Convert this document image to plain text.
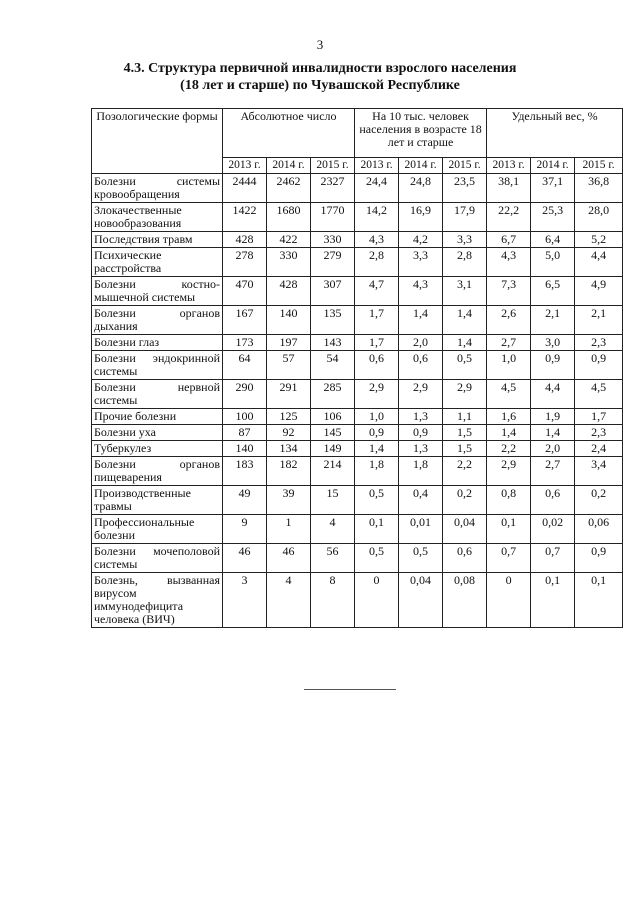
3
4.3. Структура первичной инвалидности взрослого населения
(18 лет и старше) по Чувашской Республике
Позологические формы	Абсолютное число			На 10 тыс. человек населения в возрасте 18 лет и старше			Удельный вес, %		
	2013 г.	2014 г.	2015 г.	2013 г.	2014 г.	2015 г.	2013 г.	2014 г.	2015 г.
Болезни системы кровообращения	2444	2462	2327	24,4	24,8	23,5	38,1	37,1	36,8
Злокачественные новообразования	1422	1680	1770	14,2	16,9	17,9	22,2	25,3	28,0
Последствия травм	428	422	330	4,3	4,2	3,3	6,7	6,4	5,2
Психические расстройства	278	330	279	2,8	3,3	2,8	4,3	5,0	4,4
Болезни костно-мышечной системы	470	428	307	4,7	4,3	3,1	7,3	6,5	4,9
Болезни органов дыхания	167	140	135	1,7	1,4	1,4	2,6	2,1	2,1
Болезни глаз	173	197	143	1,7	2,0	1,4	2,7	3,0	2,3
Болезни эндокринной системы	64	57	54	0,6	0,6	0,5	1,0	0,9	0,9
Болезни нервной системы	290	291	285	2,9	2,9	2,9	4,5	4,4	4,5
Прочие болезни	100	125	106	1,0	1,3	1,1	1,6	1,9	1,7
Болезни уха	87	92	145	0,9	0,9	1,5	1,4	1,4	2,3
Туберкулез	140	134	149	1,4	1,3	1,5	2,2	2,0	2,4
Болезни органов пищеварения	183	182	214	1,8	1,8	2,2	2,9	2,7	3,4
Производственные травмы	49	39	15	0,5	0,4	0,2	0,8	0,6	0,2
Профессиональные болезни	9	1	4	0,1	0,01	0,04	0,1	0,02	0,06
Болезни мочеполовой системы	46	46	56	0,5	0,5	0,6	0,7	0,7	0,9
Болезнь, вызванная вирусом иммунодефицита человека (ВИЧ)	3	4	8	0	0,04	0,08	0	0,1	0,1
